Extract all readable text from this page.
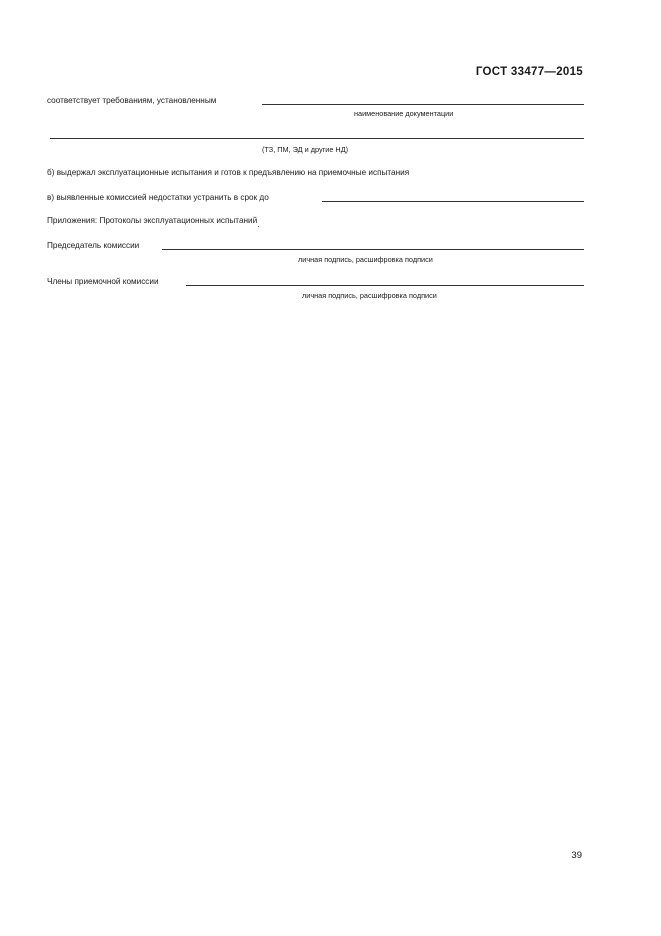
ГОСТ 33477—2015
соответствует требованиям, установленным
наименование документации
(ТЗ, ПМ, ЭД и другие НД)
б) выдержал эксплуатационные испытания и готов к предъявлению на приемочные испытания
в) выявленные комиссией недостатки устранить в срок до
Приложения: Протоколы эксплуатационных испытаний.
Председатель комиссии
личная подпись, расшифровка подписи
Члены приемочной комиссии
личная подпись, расшифровка подписи
39
